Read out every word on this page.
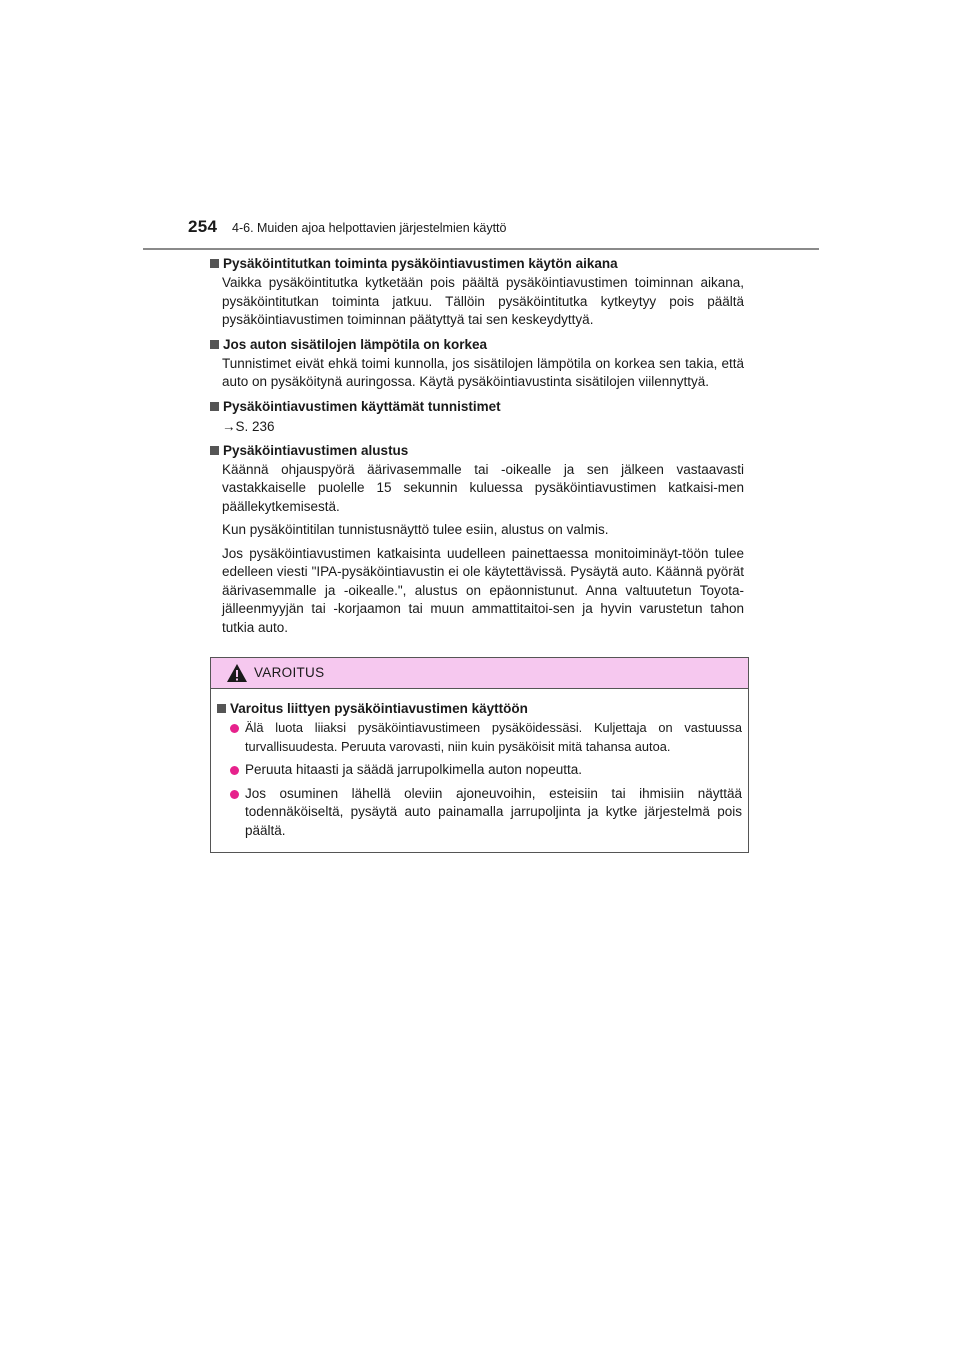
254 4-6. Muiden ajoa helpottavien järjestelmien käyttö
Pysäköintitutkan toiminta pysäköintiavustimen käytön aikana
Vaikka pysäköintitutka kytketään pois päältä pysäköintiavustimen toiminnan aikana, pysäköintitutkan toiminta jatkuu. Tällöin pysäköintitutka kytkeytyy pois päältä pysäköintiavustimen toiminnan päätyttyä tai sen keskeydyttyä.
Jos auton sisätilojen lämpötila on korkea
Tunnistimet eivät ehkä toimi kunnolla, jos sisätilojen lämpötila on korkea sen takia, että auto on pysäköitynä auringossa. Käytä pysäköintiavustinta sisätilojen viilennyttyä.
Pysäköintiavustimen käyttämät tunnistimet
→S. 236
Pysäköintiavustimen alustus
Käännä ohjauspyörä äärivasemmalle tai -oikealle ja sen jälkeen vastaavasti vastakkaiselle puolelle 15 sekunnin kuluessa pysäköintiavustimen katkaisi-men päällekytkemisestä.
Kun pysäköintitilan tunnistusnäyttö tulee esiin, alustus on valmis.
Jos pysäköintiavustimen katkaisinta uudelleen painettaessa monitoiminäyt-töön tulee edelleen viesti "IPA-pysäköintiavustin ei ole käytettävissä. Pysäytä auto. Käännä pyörät äärivasemmalle ja -oikealle.", alustus on epäonnistunut. Anna valtuutetun Toyota-jälleenmyyjän tai -korjaamon tai muun ammattitaitoi-sen ja hyvin varustetun tahon tutkia auto.
VAROITUS
Varoitus liittyen pysäköintiavustimen käyttöön
Älä luota liiaksi pysäköintiavustimeen pysäköidessäsi. Kuljettaja on vastuussa turvallisuudesta. Peruuta varovasti, niin kuin pysäköisit mitä tahansa autoa.
Peruuta hitaasti ja säädä jarrupolkimella auton nopeutta.
Jos osuminen lähellä oleviin ajoneuvoihin, esteisiin tai ihmisiin näyttää todennäköiseltä, pysäytä auto painamalla jarrupoljinta ja kytke järjestelmä pois päältä.
